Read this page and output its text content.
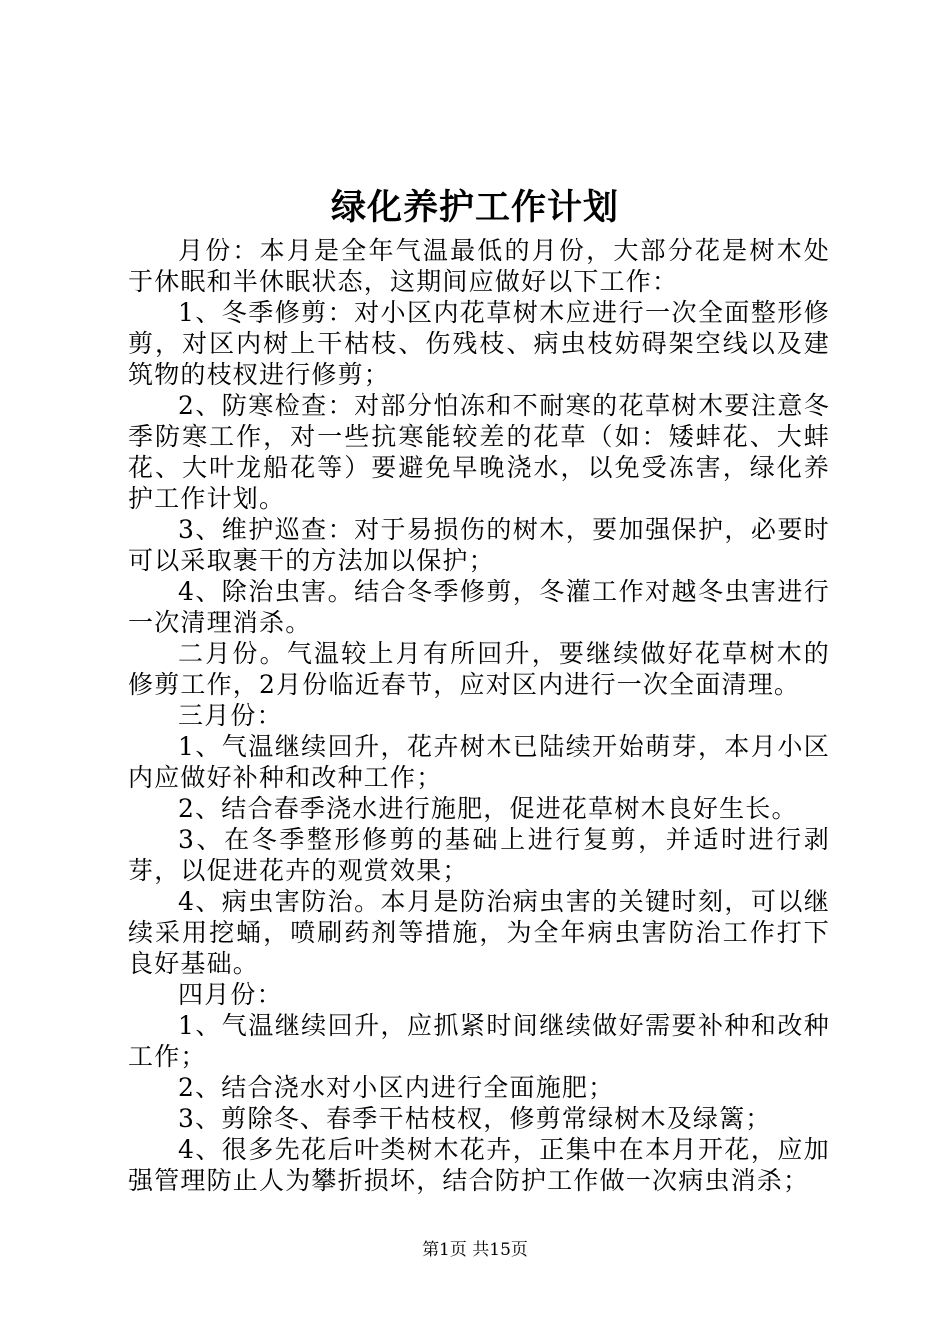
绿化养护工作计划

月份：本月是全年气温最低的月份，大部分花是树木处于休眠和半休眠状态，这期间应做好以下工作：

1、冬季修剪：对小区内花草树木应进行一次全面整形修剪，对区内树上干枯枝、伤残枝、病虫枝妨碍架空线以及建筑物的枝杈进行修剪；

2、防寒检查：对部分怕冻和不耐寒的花草树木要注意冬季防寒工作，对一些抗寒能较差的花草（如：矮蚌花、大蚌花、大叶龙船花等）要避免早晚浇水，以免受冻害，绿化养护工作计划。

3、维护巡查：对于易损伤的树木，要加强保护，必要时可以采取裹干的方法加以保护；

4、除治虫害。结合冬季修剪，冬灌工作对越冬虫害进行一次清理消杀。

二月份。气温较上月有所回升，要继续做好花草树木的修剪工作，2月份临近春节，应对区内进行一次全面清理。

三月份：

1、气温继续回升，花卉树木已陆续开始萌芽，本月小区内应做好补种和改种工作；

2、结合春季浇水进行施肥，促进花草树木良好生长。

3、在冬季整形修剪的基础上进行复剪，并适时进行剥芽，以促进花卉的观赏效果；

4、病虫害防治。本月是防治病虫害的关键时刻，可以继续采用挖蛹，喷刷药剂等措施，为全年病虫害防治工作打下良好基础。

四月份：

1、气温继续回升，应抓紧时间继续做好需要补种和改种工作；

2、结合浇水对小区内进行全面施肥；

3、剪除冬、春季干枯枝杈，修剪常绿树木及绿篱；

4、很多先花后叶类树木花卉，正集中在本月开花，应加强管理防止人为攀折损坏，结合防护工作做一次病虫消杀；

第1页 共15页
